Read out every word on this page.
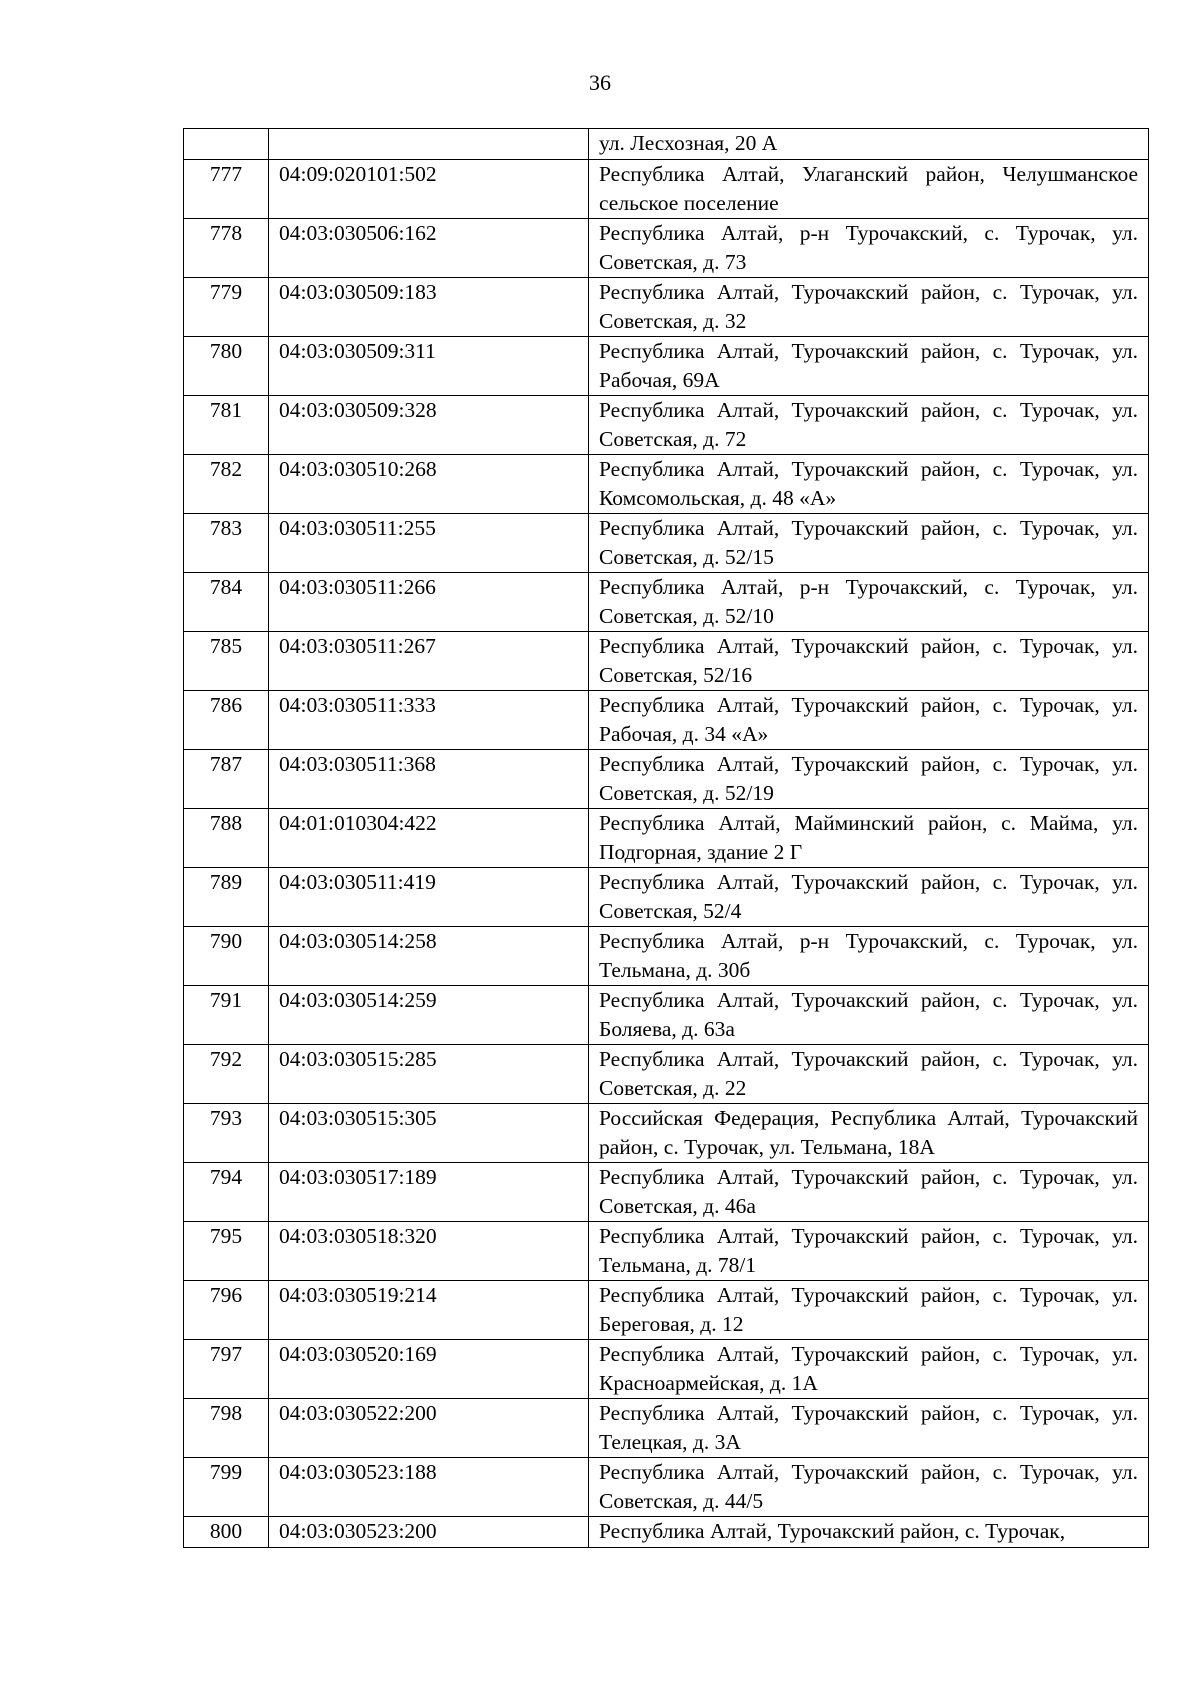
36
		ул. Лесхозная, 20 А
777	04:09:020101:502	Республика Алтай, Улаганский район, Челушманское сельское поселение
778	04:03:030506:162	Республика Алтай, р-н Турочакский, с. Турочак, ул. Советская, д. 73
779	04:03:030509:183	Республика Алтай, Турочакский район, с. Турочак, ул. Советская, д. 32
780	04:03:030509:311	Республика Алтай, Турочакский район, с. Турочак, ул. Рабочая, 69А
781	04:03:030509:328	Республика Алтай, Турочакский район, с. Турочак, ул. Советская, д. 72
782	04:03:030510:268	Республика Алтай, Турочакский район, с. Турочак, ул. Комсомольская, д. 48 «А»
783	04:03:030511:255	Республика Алтай, Турочакский район, с. Турочак, ул. Советская, д. 52/15
784	04:03:030511:266	Республика Алтай, р-н Турочакский, с. Турочак, ул. Советская, д. 52/10
785	04:03:030511:267	Республика Алтай, Турочакский район, с. Турочак, ул. Советская, 52/16
786	04:03:030511:333	Республика Алтай, Турочакский район, с. Турочак, ул. Рабочая, д. 34 «А»
787	04:03:030511:368	Республика Алтай, Турочакский район, с. Турочак, ул. Советская, д. 52/19
788	04:01:010304:422	Республика Алтай, Майминский район, с. Майма, ул. Подгорная, здание 2 Г
789	04:03:030511:419	Республика Алтай, Турочакский район, с. Турочак, ул. Советская, 52/4
790	04:03:030514:258	Республика Алтай, р-н Турочакский, с. Турочак, ул. Тельмана, д. 30б
791	04:03:030514:259	Республика Алтай, Турочакский район, с. Турочак, ул. Боляева, д. 63а
792	04:03:030515:285	Республика Алтай, Турочакский район, с. Турочак, ул. Советская, д. 22
793	04:03:030515:305	Российская Федерация, Республика Алтай, Турочакский район, с. Турочак, ул. Тельмана, 18А
794	04:03:030517:189	Республика Алтай, Турочакский район, с. Турочак, ул. Советская, д. 46а
795	04:03:030518:320	Республика Алтай, Турочакский район, с. Турочак, ул. Тельмана, д. 78/1
796	04:03:030519:214	Республика Алтай, Турочакский район, с. Турочак, ул. Береговая, д. 12
797	04:03:030520:169	Республика Алтай, Турочакский район, с. Турочак, ул. Красноармейская, д. 1А
798	04:03:030522:200	Республика Алтай, Турочакский район, с. Турочак, ул. Телецкая, д. 3А
799	04:03:030523:188	Республика Алтай, Турочакский район, с. Турочак, ул. Советская, д. 44/5
800	04:03:030523:200	Республика Алтай, Турочакский район, с. Турочак,
